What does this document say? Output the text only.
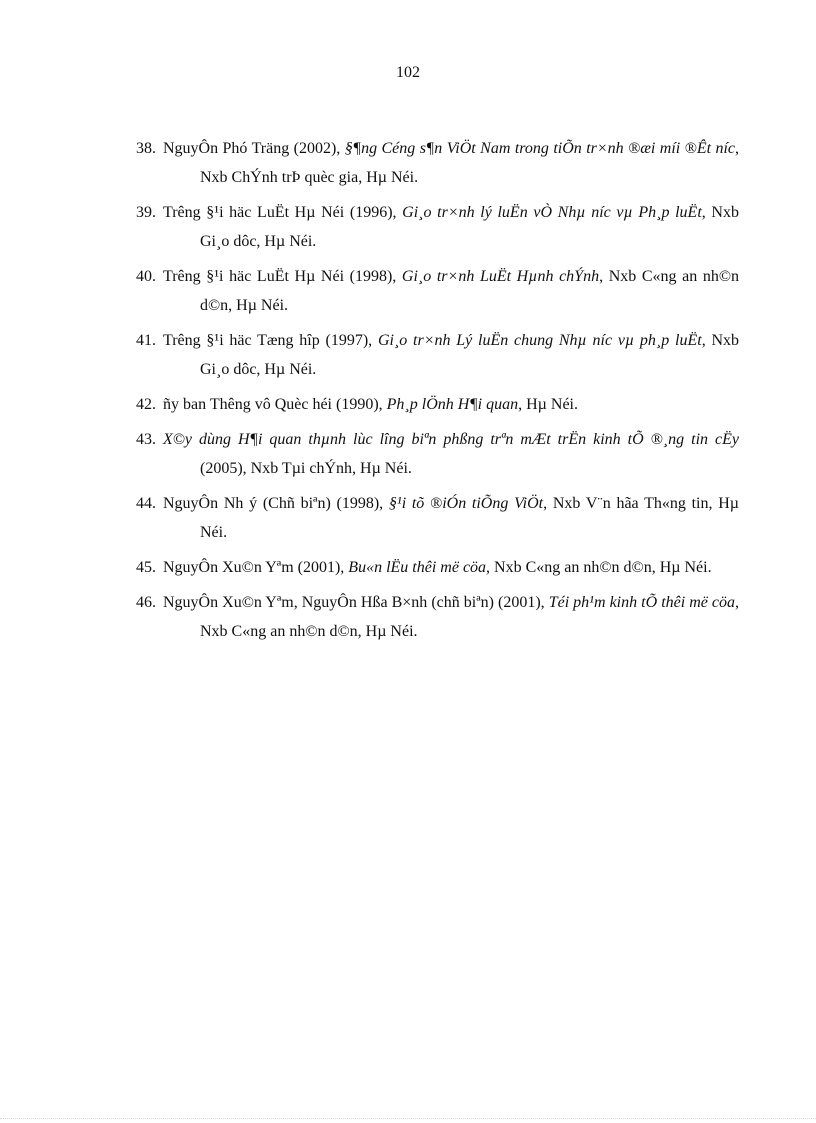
102
38. NguyÔn Phó Träng (2002), §¶ng Céng s¶n ViÖt Nam trong tiÕn tr×nh ®æi míi ®Êt níc, Nxb ChÝnh trÞ quèc gia, Hµ Néi.
39. Trêng §¹i häc LuËt Hµ Néi (1996), Gi¸o tr×nh lý luËn vÒ Nhµ níc vµ Ph¸p luËt, Nxb Gi¸o dôc, Hµ Néi.
40. Trêng §¹i häc LuËt Hµ Néi (1998), Gi¸o tr×nh LuËt Hµnh chÝnh, Nxb C«ng an nh©n d©n, Hµ Néi.
41. Trêng §¹i häc Tæng hîp (1997), Gi¸o tr×nh Lý luËn chung Nhµ níc vµ ph¸p luËt, Nxb Gi¸o dôc, Hµ Néi.
42. ñy ban Thêng vô Quèc héi (1990), Ph¸p lÖnh H¶i quan, Hµ Néi.
43. X©y dùng H¶i quan thµnh lùc lîng biªn phßng trªn mÆt trËn kinh tÕ ®¸ng tin cËy (2005), Nxb Tµi chÝnh, Hµ Néi.
44. NguyÔn Nh ý (Chñ biªn) (1998), §¹i tõ ®iÓn tiÕng ViÖt, Nxb V¨n hãa Th«ng tin, Hµ Néi.
45. NguyÔn Xu©n Yªm (2001), Bu«n lËu thêi më cöa, Nxb C«ng an nh©n d©n, Hµ Néi.
46. NguyÔn Xu©n Yªm, NguyÔn Hßa B×nh (chñ biªn) (2001), Téi ph¹m kinh tÕ thêi më cöa, Nxb C«ng an nh©n d©n, Hµ Néi.
